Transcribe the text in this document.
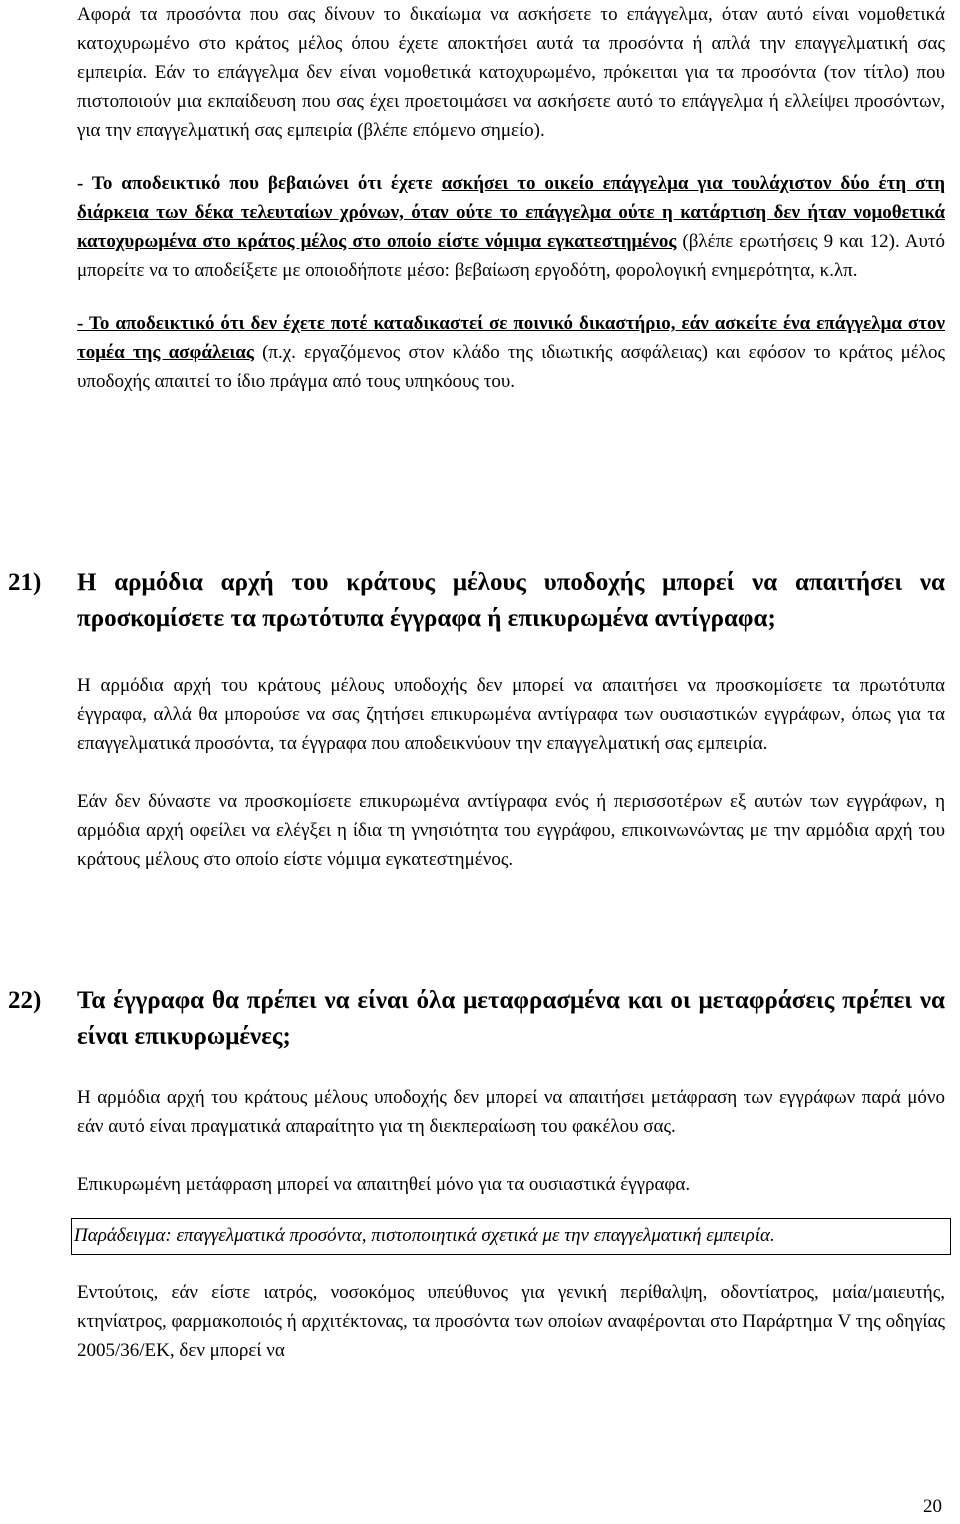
Αφορά τα προσόντα που σας δίνουν το δικαίωμα να ασκήσετε το επάγγελμα, όταν αυτό είναι νομοθετικά κατοχυρωμένο στο κράτος μέλος όπου έχετε αποκτήσει αυτά τα προσόντα ή απλά την επαγγελματική σας εμπειρία. Εάν το επάγγελμα δεν είναι νομοθετικά κατοχυρωμένο, πρόκειται για τα προσόντα (τον τίτλο) που πιστοποιούν μια εκπαίδευση που σας έχει προετοιμάσει να ασκήσετε αυτό το επάγγελμα ή ελλείψει προσόντων, για την επαγγελματική σας εμπειρία (βλέπε επόμενο σημείο).

- Το αποδεικτικό που βεβαιώνει ότι έχετε ασκήσει το οικείο επάγγελμα για τουλάχιστον δύο έτη στη διάρκεια των δέκα τελευταίων χρόνων, όταν ούτε το επάγγελμα ούτε η κατάρτιση δεν ήταν νομοθετικά κατοχυρωμένα στο κράτος μέλος στο οποίο είστε νόμιμα εγκατεστημένος (βλέπε ερωτήσεις 9 και 12). Αυτό μπορείτε να το αποδείξετε με οποιοδήποτε μέσο: βεβαίωση εργοδότη, φορολογική ενημερότητα, κ.λπ.

- Το αποδεικτικό ότι δεν έχετε ποτέ καταδικαστεί σε ποινικό δικαστήριο, εάν ασκείτε ένα επάγγελμα στον τομέα της ασφάλειας (π.χ. εργαζόμενος στον κλάδο της ιδιωτικής ασφάλειας) και εφόσον το κράτος μέλος υποδοχής απαιτεί το ίδιο πράγμα από τους υπηκόους του.

21) Η αρμόδια αρχή του κράτους μέλους υποδοχής μπορεί να απαιτήσει να προσκομίσετε τα πρωτότυπα έγγραφα ή επικυρωμένα αντίγραφα;

Η αρμόδια αρχή του κράτους μέλους υποδοχής δεν μπορεί να απαιτήσει να προσκομίσετε τα πρωτότυπα έγγραφα, αλλά θα μπορούσε να σας ζητήσει επικυρωμένα αντίγραφα των ουσιαστικών εγγράφων, όπως για τα επαγγελματικά προσόντα, τα έγγραφα που αποδεικνύουν την επαγγελματική σας εμπειρία.

Εάν δεν δύναστε να προσκομίσετε επικυρωμένα αντίγραφα ενός ή περισσοτέρων εξ αυτών των εγγράφων, η αρμόδια αρχή οφείλει να ελέγξει η ίδια τη γνησιότητα του εγγράφου, επικοινωνώντας με την αρμόδια αρχή του κράτους μέλους στο οποίο είστε νόμιμα εγκατεστημένος.

22) Τα έγγραφα θα πρέπει να είναι όλα μεταφρασμένα και οι μεταφράσεις πρέπει να είναι επικυρωμένες;

Η αρμόδια αρχή του κράτους μέλους υποδοχής δεν μπορεί να απαιτήσει μετάφραση των εγγράφων παρά μόνο εάν αυτό είναι πραγματικά απαραίτητο για τη διεκπεραίωση του φακέλου σας.

Επικυρωμένη μετάφραση μπορεί να απαιτηθεί μόνο για τα ουσιαστικά έγγραφα.

Παράδειγμα: επαγγελματικά προσόντα, πιστοποιητικά σχετικά με την επαγγελματική εμπειρία.

Εντούτοις, εάν είστε ιατρός, νοσοκόμος υπεύθυνος για γενική περίθαλψη, οδοντίατρος, μαία/μαιευτής, κτηνίατρος, φαρμακοποιός ή αρχιτέκτονας, τα προσόντα των οποίων αναφέρονται στο Παράρτημα V της οδηγίας 2005/36/ΕΚ, δεν μπορεί να

20
